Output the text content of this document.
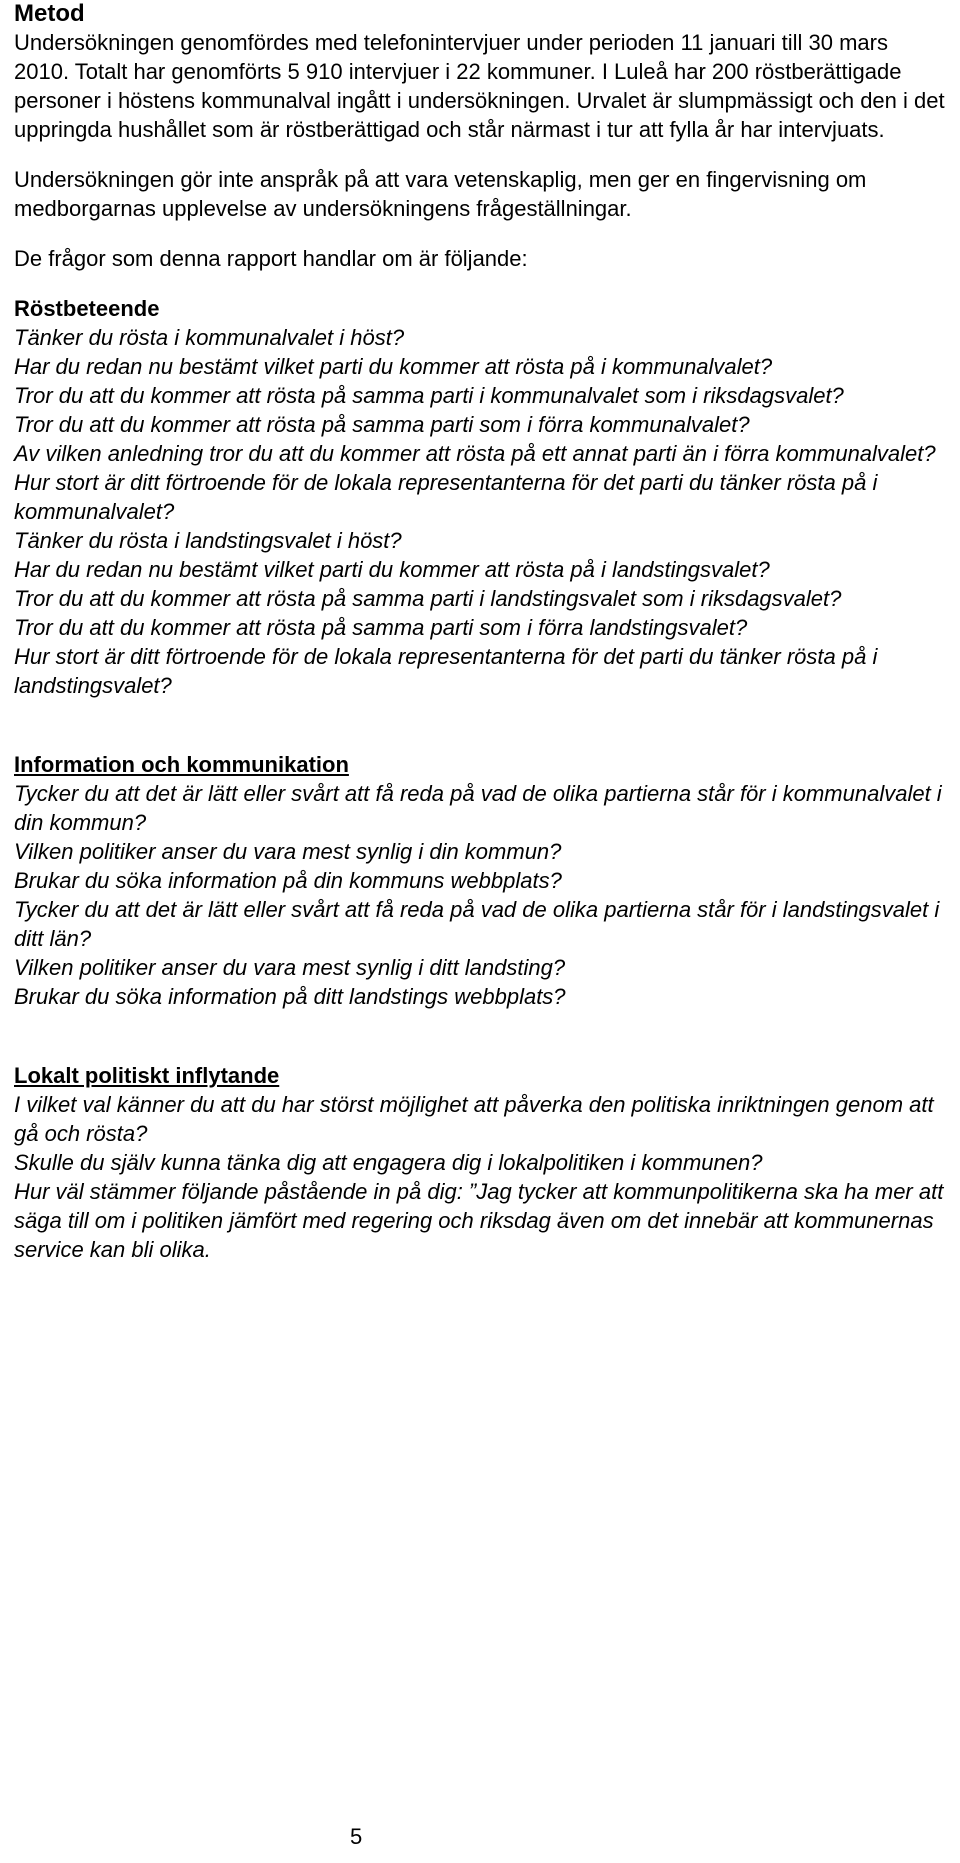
Metod

Undersökningen genomfördes med telefonintervjuer under perioden 11 januari till 30 mars 2010. Totalt har genomförts 5 910 intervjuer i 22 kommuner. I Luleå har 200 röstberättigade personer i höstens kommunalval ingått i undersökningen. Urvalet är slumpmässigt och den i det uppringda hushållet som är röstberättigad och står närmast i tur att fylla år har intervjuats.

Undersökningen gör inte anspråk på att vara vetenskaplig, men ger en fingervisning om medborgarnas upplevelse av undersökningens frågeställningar.

De frågor som denna rapport handlar om är följande:

Röstbeteende
Tänker du rösta i kommunalvalet i höst?
Har du redan nu bestämt vilket parti du kommer att rösta på i kommunalvalet?
Tror du att du kommer att rösta på samma parti i kommunalvalet som i riksdagsvalet?
Tror du att du kommer att rösta på samma parti som i förra kommunalvalet?
Av vilken anledning tror du att du kommer att rösta på ett annat parti än i förra kommunalvalet?
Hur stort är ditt förtroende för de lokala representanterna för det parti du tänker rösta på i kommunalvalet?
Tänker du rösta i landstingsvalet i höst?
Har du redan nu bestämt vilket parti du kommer att rösta på i landstingsvalet?
Tror du att du kommer att rösta på samma parti i landstingsvalet som i riksdagsvalet?
Tror du att du kommer att rösta på samma parti som i förra landstingsvalet?
Hur stort är ditt förtroende för de lokala representanterna för det parti du tänker rösta på i landstingsvalet?
Information och kommunikation
Tycker du att det är lätt eller svårt att få reda på vad de olika partierna står för i kommunalvalet i din kommun?
Vilken politiker anser du vara mest synlig i din kommun?
Brukar du söka information på din kommuns webbplats?
Tycker du att det är lätt eller svårt att få reda på vad de olika partierna står för i landstingsvalet i ditt län?
Vilken politiker anser du vara mest synlig i ditt landsting?
Brukar du söka information på ditt landstings webbplats?
Lokalt politiskt inflytande
I vilket val känner du att du har störst möjlighet att påverka den politiska inriktningen genom att gå och rösta?
Skulle du själv kunna tänka dig att engagera dig i lokalpolitiken i kommunen?
Hur väl stämmer följande påstående in på dig: ”Jag tycker att kommunpolitikerna ska ha mer att säga till om i politiken jämfört med regering och riksdag även om det innebär att kommunernas service kan bli olika.
5
